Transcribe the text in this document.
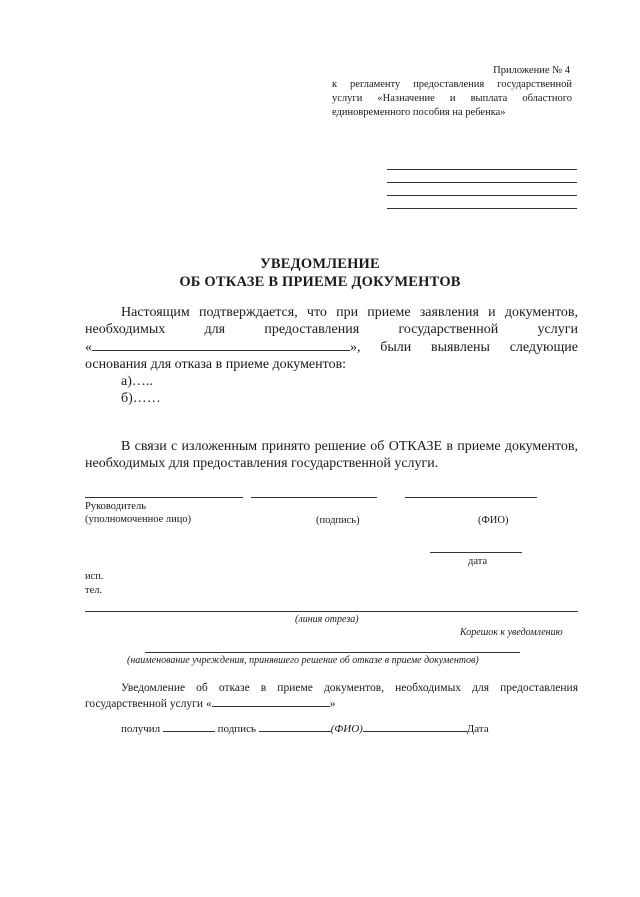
Приложение № 4
к регламенту предоставления государственной услуги «Назначение и выплата областного единовременного пособия на ребенка»
УВЕДОМЛЕНИЕ
ОБ ОТКАЗЕ В ПРИЕМЕ ДОКУМЕНТОВ
Настоящим подтверждается, что при приеме заявления и документов,
необходимых для предоставления государственной услуги
«	», были выявлены следующие
основания для отказа в приеме документов:
а)…..
б)……
В связи с изложенным принято решение об ОТКАЗЕ в приеме документов, необходимых для предоставления государственной услуги.
Руководитель
(уполномоченное лицо)	(подпись)	(ФИО)
дата
исп.
тел.
(линия отреза)
Корешок к уведомлению
(наименование учреждения, принявшего решение об отказе в приеме документов)
Уведомление об отказе в приеме документов, необходимых для предоставления государственной услуги «	»
получил	подпись	(ФИО)	Дата
